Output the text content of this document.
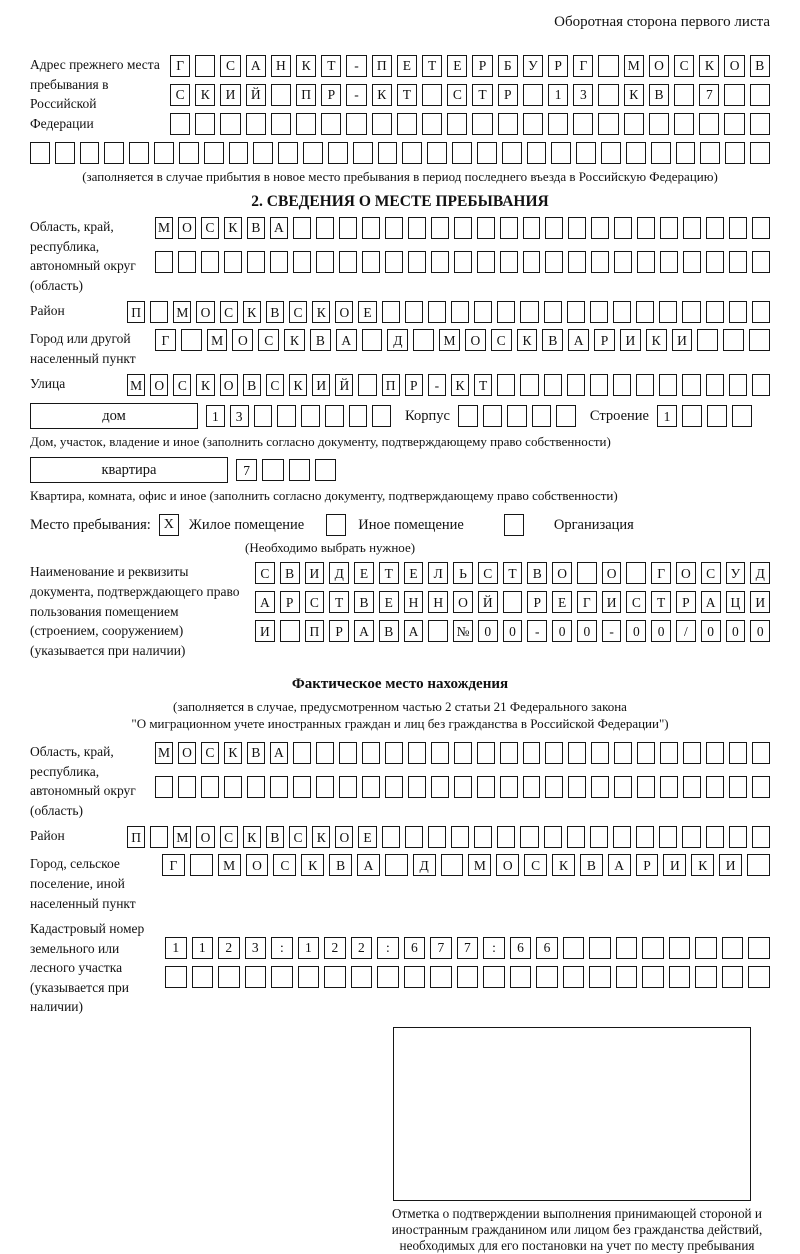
Оборотная сторона первого листа
Адрес прежнего места пребывания в Российской Федерации
Г	С	А	Н	К	Т	-	П	Е	Т	Е	Р	Б	У	Р	Г	М	О	С	К	О	В
С	К	И	Й	П	Р	-	К	Т	С	Т	Р	1	3	К	В	7
(заполняется в случае прибытия в новое место пребывания в период последнего въезда в Российскую Федерацию)
2. СВЕДЕНИЯ О МЕСТЕ ПРЕБЫВАНИЯ
Область, край, республика, автономный округ (область)
М О	С	К	В	А
Район	П	М О	С	К	В	С	К	О	Е
Город или другой населенный пункт
Г	М	О	С	К	В	А	Д	М	О	С	К	В	А	Р	И	К	И
Улица	М О	С	К	О	В	С	К	И Й	П	Р	-	К	Т
дом	1	3	Корпус	Строение	1
Дом, участок, владение и иное (заполнить согласно документу, подтверждающему право собственности)
квартира	7
Квартира, комната, офис и иное (заполнить согласно документу, подтверждающему право собственности)
Место пребывания: X	Жилое помещение	Иное помещение	Организация
(Необходимо выбрать нужное)
Наименование и реквизиты документа, подтверждающего право пользования помещением (строением, сооружением) (указывается при наличии)
С	В	И	Д	Е	Т	Е	Л	Ь	С	Т	В	О	О	Г	О	С	У	Д
А	Р	С	Т	В	Е	Н	Н	О	Й	Р	Е	Г	И	С	Т	Р	А	Ц	И
И	П	Р	А	В	А	№	0	0	-	0	0	-	0	0	/	0	0	0
Фактическое место нахождения
(заполняется в случае, предусмотренном частью 2 статьи 21 Федерального закона
"О миграционном учете иностранных граждан и лиц без гражданства в Российской Федерации")
Область, край, республика, автономный округ (область)
М О	С	К	В	А
Район	П	М О	С	К	В	С	К	О	Е
Город, сельское поселение, иной населенный пункт
Г	М	О	С	К	В	А	Д	М	О	С	К	В	А	Р	И	К	И
Кадастровый номер земельного или лесного участка (указывается при наличии)
1	1	2	3	:	1	2	2	:	6	7	7	:	6	6
Отметка о подтверждении выполнения принимающей стороной и иностранным гражданином или лицом без гражданства действий, необходимых для его постановки на учет по месту пребывания
